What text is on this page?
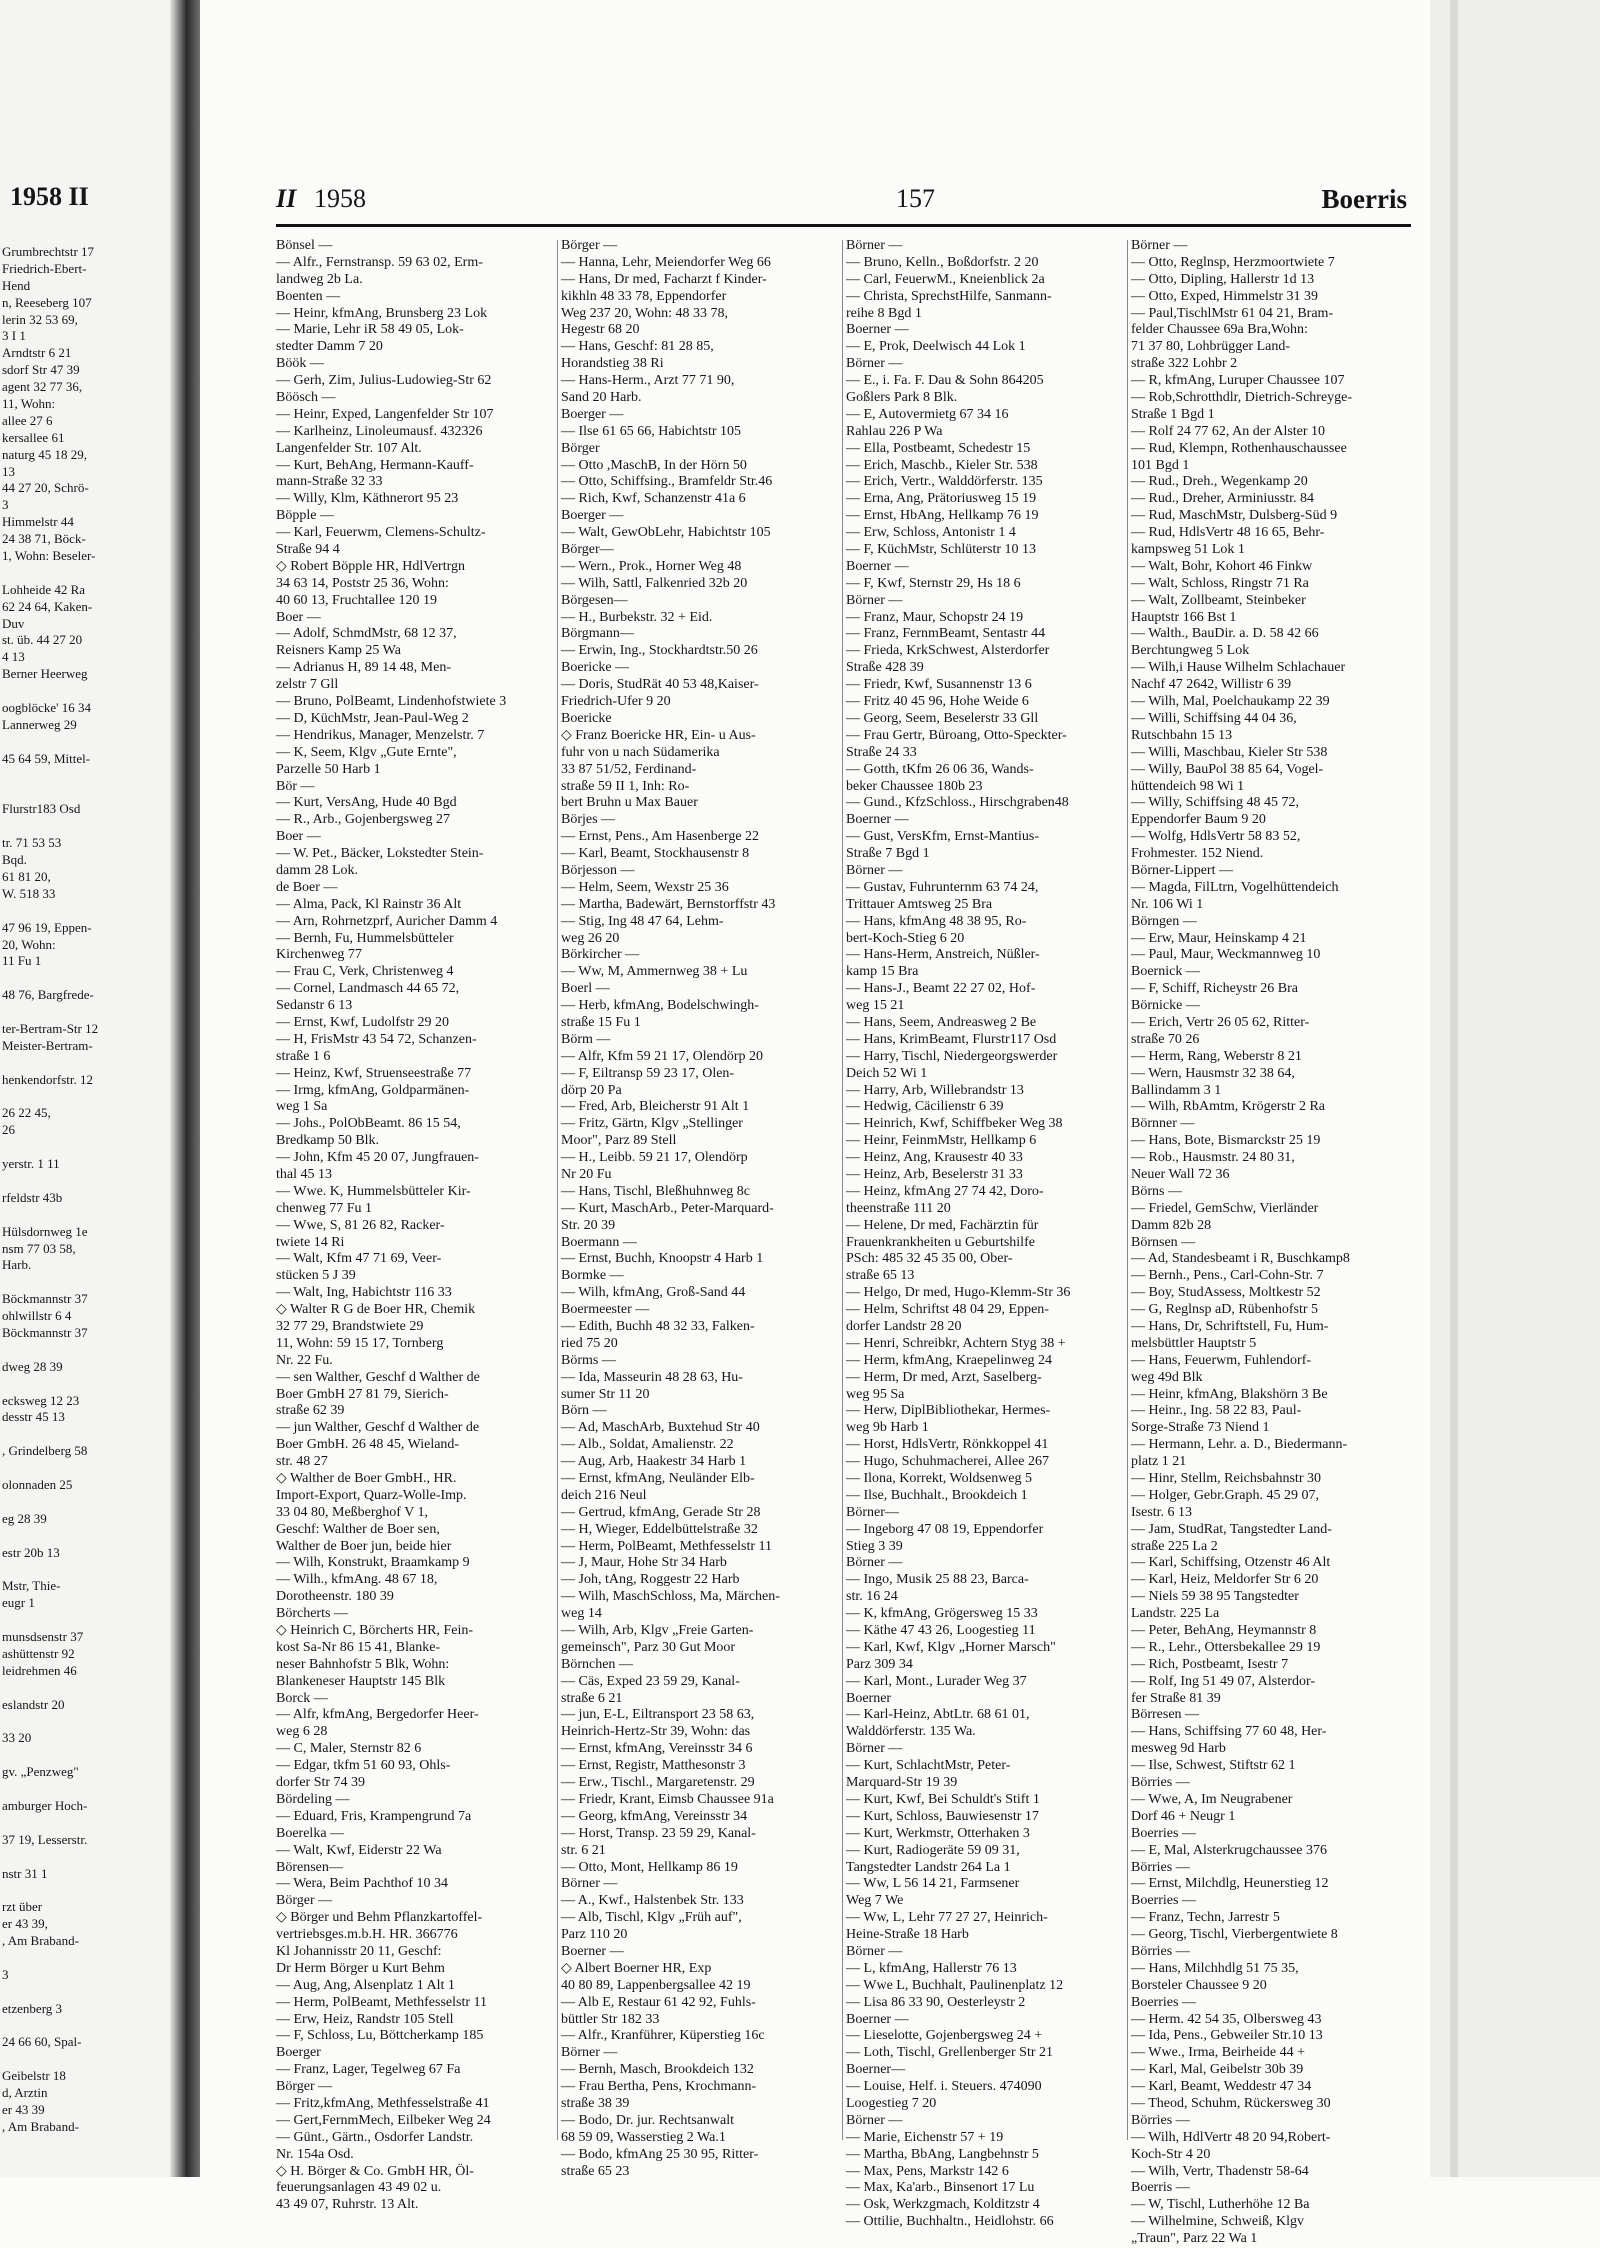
1958 II
Grumbrechtstr 17
Friedrich-Ebert-
Hend
n, Reeseberg 107
lerin 32 53 69,
3 I 1
Arndtstr 6 21
sdorf Str 47 39
agent 32 77 36,
11, Wohn:
allee 27 6
kersallee 61
naturg 45 18 29,
13
44 27 20, Schrö-
3
Himmelstr 44
24 38 71, Böck-
1, Wohn: Beseler-
Lohheide 42 Ra
62 24 64, Kaken-
Duv
st. üb. 44 27 20
4 13
Berner Heerweg
oogblöcke' 16 34
Lannerweg 29
45 64 59, Mittel-
Flurstr183 Osd
tr. 71 53 53
Bqd.
61 81 20,
W. 518 33
47 96 19, Eppen-
20, Wohn:
11 Fu 1
48 76, Bargfrede-
ter-Bertram-Str 12
Meister-Bertram-
henkendorfstr. 12
26 22 45,
26
yerstr. 1 11
rfeldstr 43b
Hülsdornweg 1e
nsm 77 03 58,
Harb.
Böckmannstr 37
ohlwillstr 6 4
Böckmannstr 37
dweg 28 39
ecksweg 12 23
desstr 45 13
, Grindelberg 58
olonnaden 25
eg 28 39
estr 20b 13
Mstr, Thie-
eugr 1
munsdsenstr 37
ashüttenstr 92
leidrehmen 46
eslandstr 20
33 20
gv. „Penzweg"
amburger Hoch-
37 19, Lesserstr.
nstr 31 1
rzt über
er 43 39,
, Am Braband-
3
etzenberg 3
24 66 60, Spal-
Geibelstr 18
d, Arztin
er 43 39
, Am Braband-
II 1958	157	Boerris
Bönsel —
— Alfr., Fernstransp. 59 63 02, Erm-
landweg 2b La.
Boenten —
— Heinr, kfmAng, Brunsberg 23 Lok
— Marie, Lehr iR 58 49 05, Lok-
stedter Damm 7 20
Böök —
— Gerh, Zim, Julius-Ludowieg-Str 62
Böösch —
— Heinr, Exped, Langenfelder Str 107
— Karlheinz, Linoleumausf. 432326
Langenfelder Str. 107 Alt.
— Kurt, BehAng, Hermann-Kauff-
mann-Straße 32 33
— Willy, Klm, Käthnerort 95 23
Böpple —
— Karl, Feuerwm, Clemens-Schultz-
Straße 94 4
◇ Robert Böpple HR, HdlVertrgn
34 63 14, Poststr 25 36, Wohn:
40 60 13, Fruchtallee 120 19
Boer —
— Adolf, SchmdMstr, 68 12 37,
Reisners Kamp 25 Wa
— Adrianus H, 89 14 48, Men-
zelstr 7 Gll
— Bruno, PolBeamt, Lindenhofstwiete 3
— D, KüchMstr, Jean-Paul-Weg 2
— Hendrikus, Manager, Menzelstr. 7
— K, Seem, Klgv „Gute Ernte",
Parzelle 50 Harb 1
Bör —
— Kurt, VersAng, Hude 40 Bgd
— R., Arb., Gojenbergsweg 27
Boer —
— W. Pet., Bäcker, Lokstedter Stein-
damm 28 Lok.
de Boer —
— Alma, Pack, Kl Rainstr 36 Alt
— Arn, Rohrnetzprf, Auricher Damm 4
— Bernh, Fu, Hummelsbütteler
Kirchenweg 77
— Frau C, Verk, Christenweg 4
— Cornel, Landmasch 44 65 72,
Sedanstr 6 13
— Ernst, Kwf, Ludolfstr 29 20
— H, FrisMstr 43 54 72, Schanzen-
straße 1 6
— Heinz, Kwf, Struenseestraße 77
— Irmg, kfmAng, Goldparmänen-
weg 1 Sa
— Johs., PolObBeamt. 86 15 54,
Bredkamp 50 Blk.
— John, Kfm 45 20 07, Jungfrauen-
thal 45 13
— Wwe. K, Hummelsbütteler Kir-
chenweg 77 Fu 1
— Wwe, S, 81 26 82, Racker-
twiete 14 Ri
— Walt, Kfm 47 71 69, Veer-
stücken 5 J 39
— Walt, Ing, Habichtstr 116 33
◇ Walter R G de Boer HR, Chemik
32 77 29, Brandstwiete 29
11, Wohn: 59 15 17, Tornberg
Nr. 22 Fu.
— sen Walther, Geschf d Walther de
Boer GmbH 27 81 79, Sierich-
straße 62 39
— jun Walther, Geschf d Walther de
Boer GmbH. 26 48 45, Wieland-
str. 48 27
◇ Walther de Boer GmbH., HR.
Import-Export, Quarz-Wolle-Imp.
33 04 80, Meßberghof V 1,
Geschf: Walther de Boer sen,
Walther de Boer jun, beide hier
— Wilh, Konstrukt, Braamkamp 9
— Wilh., kfmAng. 48 67 18,
Dorotheenstr. 180 39
Börcherts —
◇ Heinrich C, Börcherts HR, Fein-
kost Sa-Nr 86 15 41, Blanke-
neser Bahnhofstr 5 Blk, Wohn:
Blankeneser Hauptstr 145 Blk
Borck —
— Alfr, kfmAng, Bergedorfer Heer-
weg 6 28
— C, Maler, Sternstr 82 6
— Edgar, tkfm 51 60 93, Ohls-
dorfer Str 74 39
Bördeling —
— Eduard, Fris, Krampengrund 7a
Boerelka —
— Walt, Kwf, Eiderstr 22 Wa
Börensen—
— Wera, Beim Pachthof 10 34
Börger —
◇ Börger und Behm Pflanzkartoffel-
vertriebsges.m.b.H. HR. 366776
Kl Johannisstr 20 11, Geschf:
Dr Herm Börger u Kurt Behm
— Aug, Ang, Alsenplatz 1 Alt 1
— Herm, PolBeamt, Methfesselstr 11
— Erw, Heiz, Randstr 105 Stell
— F, Schloss, Lu, Böttcherkamp 185
Boerger
— Franz, Lager, Tegelweg 67 Fa
Börger —
— Fritz,kfmAng, Methfesselstraße 41
— Gert,FernmMech, Eilbeker Weg 24
— Günt., Gärtn., Osdorfer Landstr.
Nr. 154a Osd.
◇ H. Börger & Co. GmbH HR, Öl-
feuerungsanlagen 43 49 02 u.
43 49 07, Ruhrstr. 13 Alt.
Börger —
— Hanna, Lehr, Meiendorfer Weg 66
— Hans, Dr med, Facharzt f Kinder-
kikhln 48 33 78, Eppendorfer
Weg 237 20, Wohn: 48 33 78,
Hegestr 68 20
— Hans, Geschf: 81 28 85,
Horandstieg 38 Ri
— Hans-Herm., Arzt 77 71 90,
Sand 20 Harb.
Boerger —
— Ilse 61 65 66, Habichtstr 105
Börger
— Otto ,MaschB, In der Hörn 50
— Otto, Schiffsing., Bramfeldr Str.46
— Rich, Kwf, Schanzenstr 41a 6
Boerger —
— Walt, GewObLehr, Habichtstr 105
Börger—
— Wern., Prok., Horner Weg 48
— Wilh, Sattl, Falkenried 32b 20
Börgesen—
— H., Burbekstr. 32 + Eid.
Börgmann—
— Erwin, Ing., Stockhardtstr.50 26
Boericke —
— Doris, StudRät 40 53 48,Kaiser-
Friedrich-Ufer 9 20
Boericke
◇ Franz Boericke HR, Ein- u Aus-
fuhr von u nach Südamerika
33 87 51/52, Ferdinand-
straße 59 II 1, Inh: Ro-
bert Bruhn u Max Bauer
Börjes —
— Ernst, Pens., Am Hasenberge 22
— Karl, Beamt, Stockhausenstr 8
Börjesson —
— Helm, Seem, Wexstr 25 36
— Martha, Badewärt, Bernstorffstr 43
— Stig, Ing 48 47 64, Lehm-
weg 26 20
Börkircher —
— Ww, M, Ammernweg 38 + Lu
Boerl —
— Herb, kfmAng, Bodelschwingh-
straße 15 Fu 1
Börm —
— Alfr, Kfm 59 21 17, Olendörp 20
— F, Eiltransp 59 23 17, Olen-
dörp 20 Pa
— Fred, Arb, Bleicherstr 91 Alt 1
— Fritz, Gärtn, Klgv „Stellinger
Moor", Parz 89 Stell
— H., Leibb. 59 21 17, Olendörp
Nr 20 Fu
— Hans, Tischl, Bleßhuhnweg 8c
— Kurt, MaschArb., Peter-Marquard-
Str. 20 39
Boermann —
— Ernst, Buchh, Knoopstr 4 Harb 1
Bormke —
— Wilh, kfmAng, Groß-Sand 44
Boermeester —
— Edith, Buchh 48 32 33, Falken-
ried 75 20
Börms —
— Ida, Masseurin 48 28 63, Hu-
sumer Str 11 20
Börn —
— Ad, MaschArb, Buxtehud Str 40
— Alb., Soldat, Amalienstr. 22
— Aug, Arb, Haakestr 34 Harb 1
— Ernst, kfmAng, Neuländer Elb-
deich 216 Neul
— Gertrud, kfmAng, Gerade Str 28
— H, Wieger, Eddelbüttelstraße 32
— Herm, PolBeamt, Methfesselstr 11
— J, Maur, Hohe Str 34 Harb
— Joh, tAng, Roggestr 22 Harb
— Wilh, MaschSchloss, Ma, Märchen-
weg 14
— Wilh, Arb, Klgv „Freie Garten-
gemeinsch", Parz 30 Gut Moor
Börnchen —
— Cäs, Exped 23 59 29, Kanal-
straße 6 21
— jun, E-L, Eiltransport 23 58 63,
Heinrich-Hertz-Str 39, Wohn: das
— Ernst, kfmAng, Vereinsstr 34 6
— Ernst, Registr, Matthesonstr 3
— Erw., Tischl., Margaretenstr. 29
— Friedr, Krant, Eimsb Chaussee 91a
— Georg, kfmAng, Vereinsstr 34
— Horst, Transp. 23 59 29, Kanal-
str. 6 21
— Otto, Mont, Hellkamp 86 19
Börner —
— A., Kwf., Halstenbek Str. 133
— Alb, Tischl, Klgv „Früh auf",
Parz 110 20
Boerner —
◇ Albert Boerner HR, Exp
40 80 89, Lappenbergsallee 42 19
— Alb E, Restaur 61 42 92, Fuhls-
büttler Str 182 33
— Alfr., Kranführer, Küperstieg 16c
Börner —
— Bernh, Masch, Brookdeich 132
— Frau Bertha, Pens, Krochmann-
straße 38 39
— Bodo, Dr. jur. Rechtsanwalt
68 59 09, Wasserstieg 2 Wa.1
— Bodo, kfmAng 25 30 95, Ritter-
straße 65 23
Börner —
— Bruno, Kelln., Boßdorfstr. 2 20
— Carl, FeuerwM., Kneienblick 2a
— Christa, SprechstHilfe, Sanmann-
reihe 8 Bgd 1
Boerner —
— E, Prok, Deelwisch 44 Lok 1
Börner —
— E., i. Fa. F. Dau & Sohn 864205
Goßlers Park 8 Blk.
— E, Autovermietg 67 34 16
Rahlau 226 P Wa
— Ella, Postbeamt, Schedestr 15
— Erich, Maschb., Kieler Str. 538
— Erich, Vertr., Walddörferstr. 135
— Erna, Ang, Prätoriusweg 15 19
— Ernst, HbAng, Hellkamp 76 19
— Erw, Schloss, Antonistr 1 4
— F, KüchMstr, Schlüterstr 10 13
Boerner —
— F, Kwf, Sternstr 29, Hs 18 6
Börner —
— Franz, Maur, Schopstr 24 19
— Franz, FernmBeamt, Sentastr 44
— Frieda, KrkSchwest, Alsterdorfer
Straße 428 39
— Friedr, Kwf, Susannenstr 13 6
— Fritz 40 45 96, Hohe Weide 6
— Georg, Seem, Beselerstr 33 Gll
— Frau Gertr, Büroang, Otto-Speckter-
Straße 24 33
— Gotth, tKfm 26 06 36, Wands-
beker Chaussee 180b 23
— Gund., KfzSchloss., Hirschgraben48
Boerner —
— Gust, VersKfm, Ernst-Mantius-
Straße 7 Bgd 1
Börner —
— Gustav, Fuhrunternm 63 74 24,
Trittauer Amtsweg 25 Bra
— Hans, kfmAng 48 38 95, Ro-
bert-Koch-Stieg 6 20
— Hans-Herm, Anstreich, Nüßler-
kamp 15 Bra
— Hans-J., Beamt 22 27 02, Hof-
weg 15 21
— Hans, Seem, Andreasweg 2 Be
— Hans, KrimBeamt, Flurstr117 Osd
— Harry, Tischl, Niedergeorgswerder
Deich 52 Wi 1
— Harry, Arb, Willebrandstr 13
— Hedwig, Cäcilienstr 6 39
— Heinrich, Kwf, Schiffbeker Weg 38
— Heinr, FeinmMstr, Hellkamp 6
— Heinz, Ang, Krausestr 40 33
— Heinz, Arb, Beselerstr 31 33
— Heinz, kfmAng 27 74 42, Doro-
theenstraße 111 20
— Helene, Dr med, Fachärztin für
Frauenkrankheiten u Geburtshilfe
PSch: 485 32 45 35 00, Ober-
straße 65 13
— Helgo, Dr med, Hugo-Klemm-Str 36
— Helm, Schriftst 48 04 29, Eppen-
dorfer Landstr 28 20
— Henri, Schreibkr, Achtern Styg 38 +
— Herm, kfmAng, Kraepelinweg 24
— Herm, Dr med, Arzt, Saselberg-
weg 95 Sa
— Herw, DiplBibliothekar, Hermes-
weg 9b Harb 1
— Horst, HdlsVertr, Rönkkoppel 41
— Hugo, Schuhmacherei, Allee 267
— Ilona, Korrekt, Woldsenweg 5
— Ilse, Buchhalt., Brookdeich 1
Börner—
— Ingeborg 47 08 19, Eppendorfer
Stieg 3 39
Börner —
— Ingo, Musik 25 88 23, Barca-
str. 16 24
— K, kfmAng, Grögersweg 15 33
— Käthe 47 43 26, Loogestieg 11
— Karl, Kwf, Klgv „Horner Marsch"
Parz 309 34
— Karl, Mont., Lurader Weg 37
Boerner
— Karl-Heinz, AbtLtr. 68 61 01,
Walddörferstr. 135 Wa.
Börner —
— Kurt, SchlachtMstr, Peter-
Marquard-Str 19 39
— Kurt, Kwf, Bei Schuldt's Stift 1
— Kurt, Schloss, Bauwiesenstr 17
— Kurt, Werkmstr, Otterhaken 3
— Kurt, Radiogeräte 59 09 31,
Tangstedter Landstr 264 La 1
— Ww, L 56 14 21, Farmsener
Weg 7 We
— Ww, L, Lehr 77 27 27, Heinrich-
Heine-Straße 18 Harb
Börner —
— L, kfmAng, Hallerstr 76 13
— Wwe L, Buchhalt, Paulinenplatz 12
— Lisa 86 33 90, Oesterleystr 2
Boerner —
— Lieselotte, Gojenbergsweg 24 +
— Loth, Tischl, Grellenberger Str 21
Boerner—
— Louise, Helf. i. Steuers. 474090
Loogestieg 7 20
Börner —
— Marie, Eichenstr 57 + 19
— Martha, BbAng, Langbehnstr 5
— Max, Pens, Markstr 142 6
— Max, Ka'arb., Binsenort 17 Lu
— Osk, Werkzgmach, Kolditzstr 4
— Ottilie, Buchhaltn., Heidlohstr. 66
Börner —
— Otto, Reglnsp, Herzmoortwiete 7
— Otto, Dipling, Hallerstr 1d 13
— Otto, Exped, Himmelstr 31 39
— Paul,TischlMstr 61 04 21, Bram-
felder Chaussee 69a Bra,Wohn:
71 37 80, Lohbrügger Land-
straße 322 Lohbr 2
— R, kfmAng, Luruper Chaussee 107
— Rob,Schrotthdlr, Dietrich-Schreyge-
Straße 1 Bgd 1
— Rolf 24 77 62, An der Alster 10
— Rud, Klempn, Rothenhauschaussee
101 Bgd 1
— Rud., Dreh., Wegenkamp 20
— Rud., Dreher, Arminiusstr. 84
— Rud, MaschMstr, Dulsberg-Süd 9
— Rud, HdlsVertr 48 16 65, Behr-
kampsweg 51 Lok 1
— Walt, Bohr, Kohort 46 Finkw
— Walt, Schloss, Ringstr 71 Ra
— Walt, Zollbeamt, Steinbeker
Hauptstr 166 Bst 1
— Walth., BauDir. a. D. 58 42 66
Berchtungweg 5 Lok
— Wilh,i Hause Wilhelm Schlachauer
Nachf 47 2642, Willistr 6 39
— Wilh, Mal, Poelchaukamp 22 39
— Willi, Schiffsing 44 04 36,
Rutschbahn 15 13
— Willi, Maschbau, Kieler Str 538
— Willy, BauPol 38 85 64, Vogel-
hüttendeich 98 Wi 1
— Willy, Schiffsing 48 45 72,
Eppendorfer Baum 9 20
— Wolfg, HdlsVertr 58 83 52,
Frohmester. 152 Niend.
Börner-Lippert —
— Magda, FilLtrn, Vogelhüttendeich
Nr. 106 Wi 1
Börngen —
— Erw, Maur, Heinskamp 4 21
— Paul, Maur, Weckmannweg 10
Boernick —
— F, Schiff, Richeystr 26 Bra
Börnicke —
— Erich, Vertr 26 05 62, Ritter-
straße 70 26
— Herm, Rang, Weberstr 8 21
— Wern, Hausmstr 32 38 64,
Ballindamm 3 1
— Wilh, RbAmtm, Krögerstr 2 Ra
Börnner —
— Hans, Bote, Bismarckstr 25 19
— Rob., Hausmstr. 24 80 31,
Neuer Wall 72 36
Börns —
— Friedel, GemSchw, Vierländer
Damm 82b 28
Börnsen —
— Ad, Standesbeamt i R, Buschkamp8
— Bernh., Pens., Carl-Cohn-Str. 7
— Boy, StudAssess, Moltkestr 52
— G, Reglnsp aD, Rübenhofstr 5
— Hans, Dr, Schriftstell, Fu, Hum-
melsbüttler Hauptstr 5
— Hans, Feuerwm, Fuhlendorf-
weg 49d Blk
— Heinr, kfmAng, Blakshörn 3 Be
— Heinr., Ing. 58 22 83, Paul-
Sorge-Straße 73 Niend 1
— Hermann, Lehr. a. D., Biedermann-
platz 1 21
— Hinr, Stellm, Reichsbahnstr 30
— Holger, Gebr.Graph. 45 29 07,
Isestr. 6 13
— Jam, StudRat, Tangstedter Land-
straße 225 La 2
— Karl, Schiffsing, Otzenstr 46 Alt
— Karl, Heiz, Meldorfer Str 6 20
— Niels 59 38 95 Tangstedter
Landstr. 225 La
— Peter, BehAng, Heymannstr 8
— R., Lehr., Ottersbekallee 29 19
— Rich, Postbeamt, Isestr 7
— Rolf, Ing 51 49 07, Alsterdor-
fer Straße 81 39
Börresen —
— Hans, Schiffsing 77 60 48, Her-
mesweg 9d Harb
— Ilse, Schwest, Stiftstr 62 1
Börries —
— Wwe, A, Im Neugrabener
Dorf 46 + Neugr 1
Boerries —
— E, Mal, Alsterkrugchaussee 376
Börries —
— Ernst, Milchdlg, Heunerstieg 12
Boerries —
— Franz, Techn, Jarrestr 5
— Georg, Tischl, Vierbergentwiete 8
Börries —
— Hans, Milchhdlg 51 75 35,
Borsteler Chaussee 9 20
Boerries —
— Herm. 42 54 35, Olbersweg 43
— Ida, Pens., Gebweiler Str.10 13
— Wwe., Irma, Beirheide 44 +
— Karl, Mal, Geibelstr 30b 39
— Karl, Beamt, Weddestr 47 34
— Theod, Schuhm, Rückersweg 30
Börries —
— Wilh, HdlVertr 48 20 94,Robert-
Koch-Str 4 20
— Wilh, Vertr, Thadenstr 58-64
Boerris —
— W, Tischl, Lutherhöhe 12 Ba
— Wilhelmine, Schweiß, Klgv
„Traun", Parz 22 Wa 1
